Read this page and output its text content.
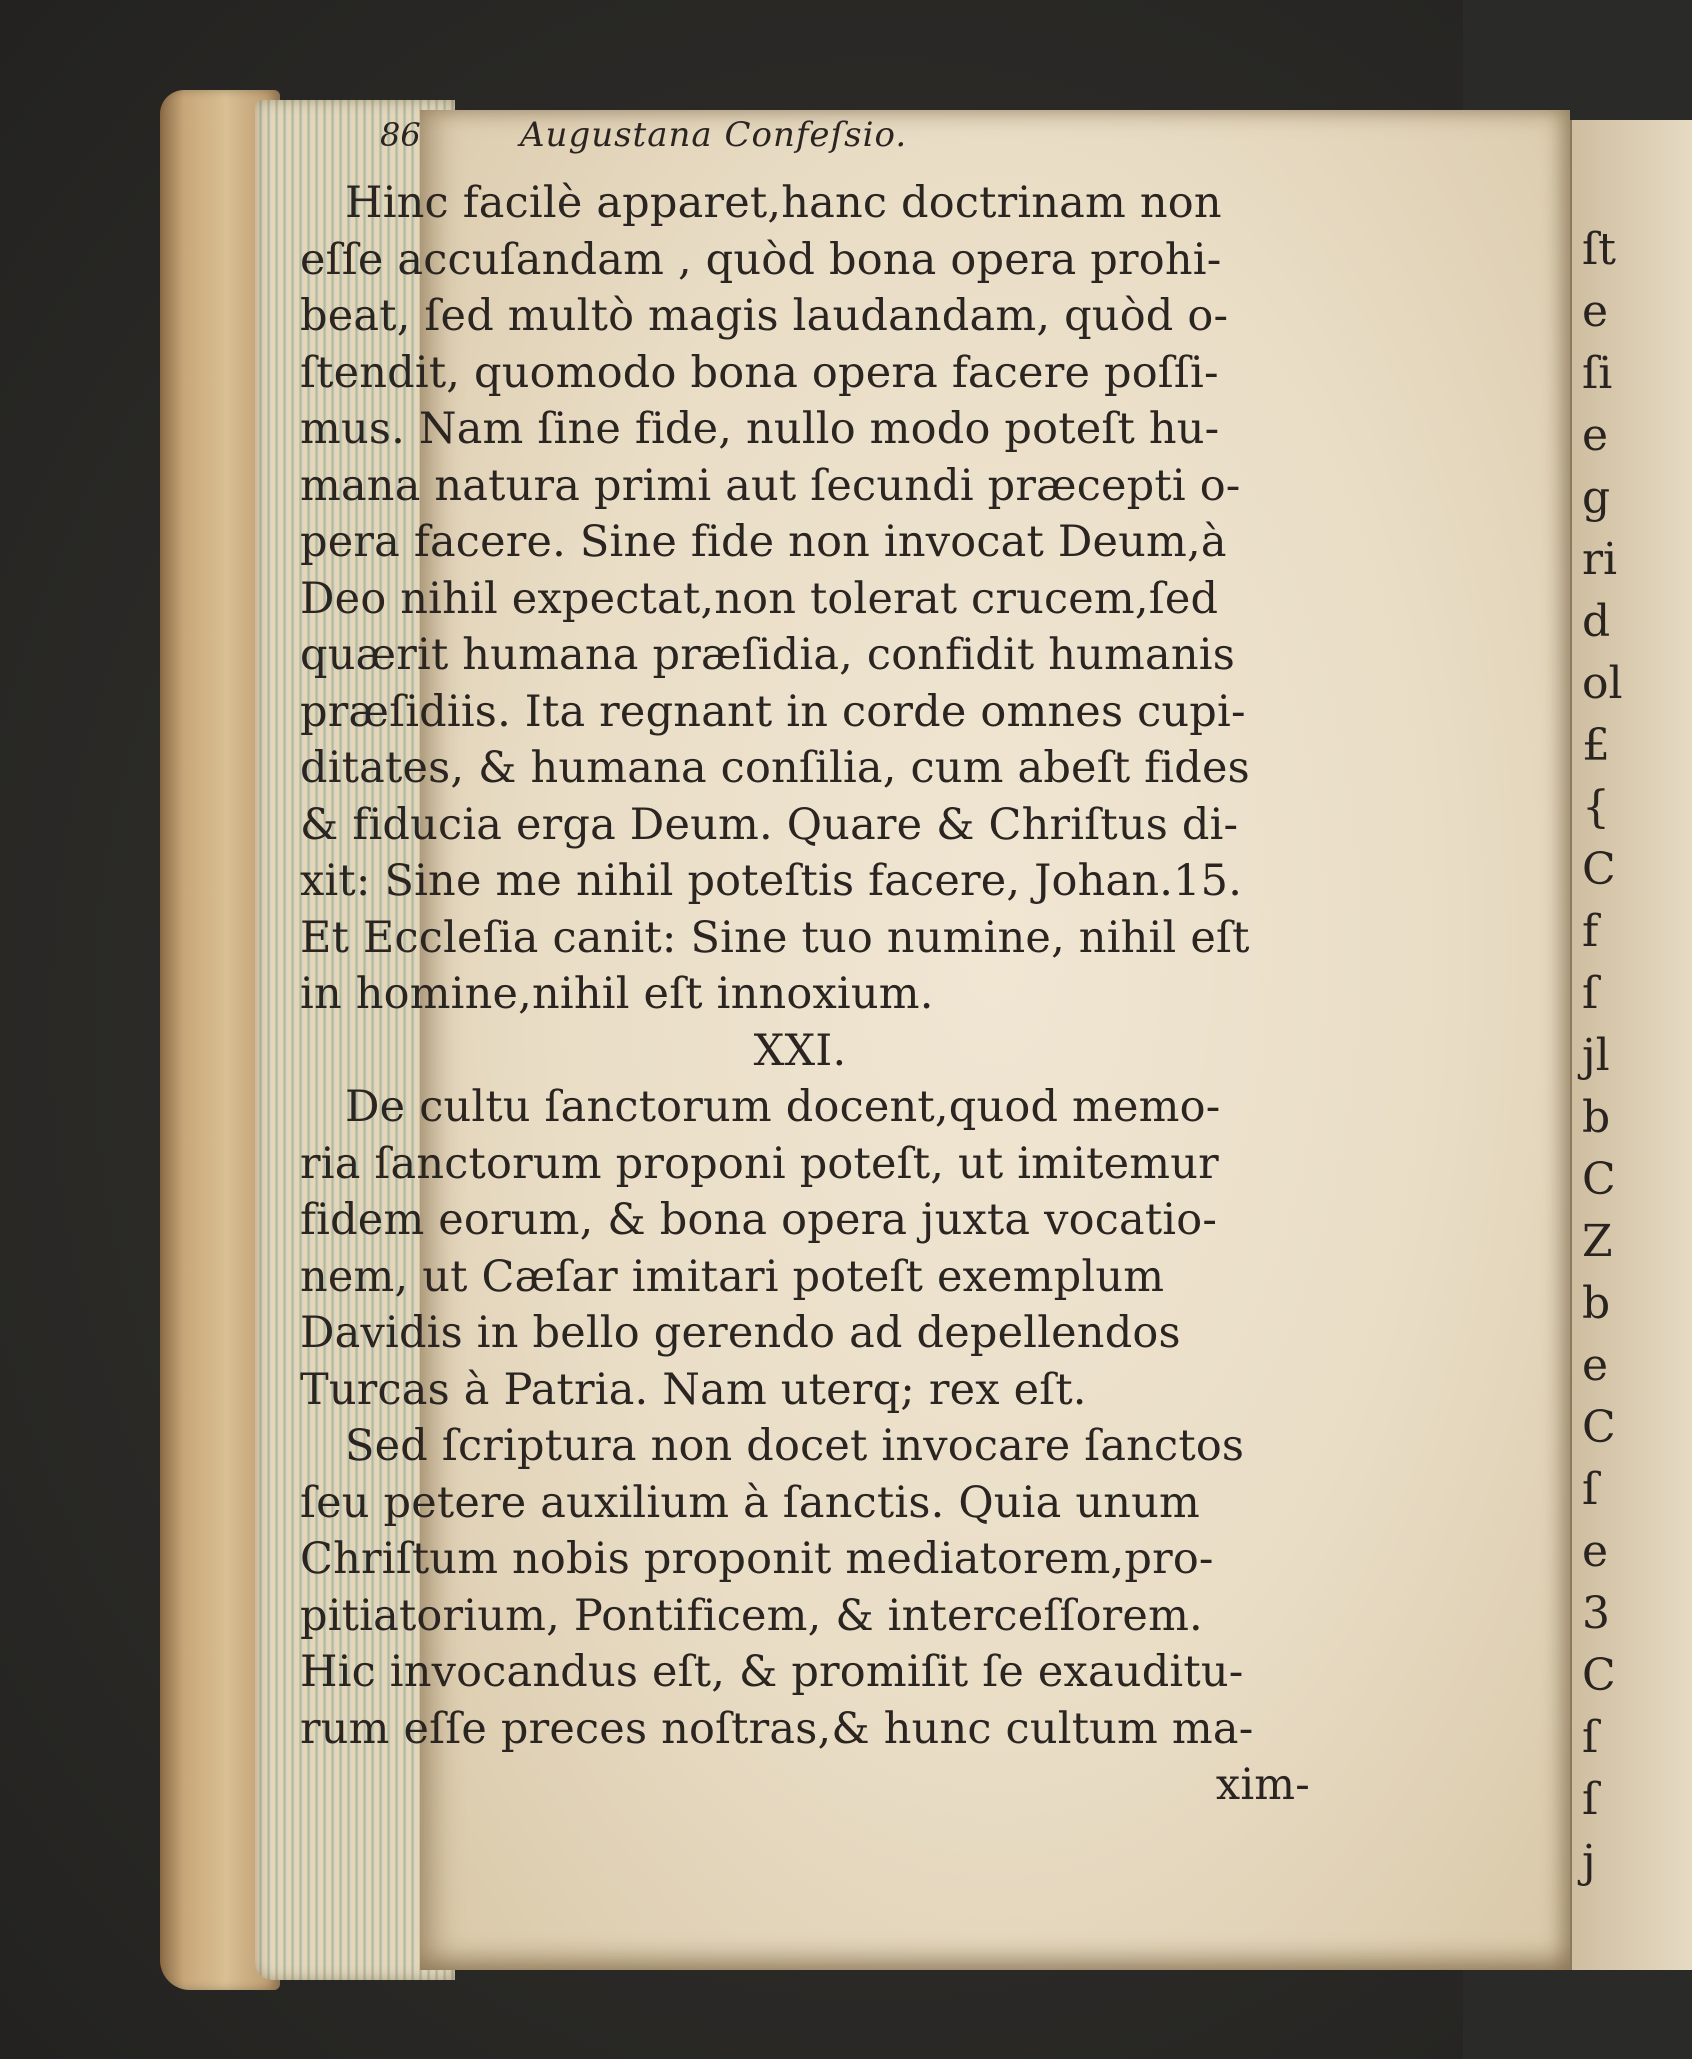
ſt
e
ſi
e
g
ri
d
ol
£
{
C
f
ſ
jl
b
C
Z
b
e
C
ſ
e
3
C
ſ
ſ
j
86	Augustana Confeſsio.
Hinc facilè apparet,hanc doctrinam non
eſſe accuſandam , quòd bona opera prohi-
beat, ſed multò magis laudandam, quòd o-
ſtendit, quomodo bona opera facere poſſi-
mus. Nam ſine fide, nullo modo poteſt hu-
mana natura primi aut ſecundi præcepti o-
pera facere. Sine fide non invocat Deum,à
Deo nihil expectat,non tolerat crucem,ſed
quærit humana præſidia, confidit humanis
præſidiis. Ita regnant in corde omnes cupi-
ditates, & humana conſilia, cum abeſt fides
& fiducia erga Deum. Quare & Chriſtus di-
xit: Sine me nihil poteſtis facere, Johan.15.
Et Eccleſia canit: Sine tuo numine, nihil eſt
in homine,nihil eſt innoxium.
XXI.
De cultu ſanctorum docent,quod memo-
ria ſanctorum proponi poteſt, ut imitemur
fidem eorum, & bona opera juxta vocatio-
nem, ut Cæſar imitari poteſt exemplum
Davidis in bello gerendo ad depellendos
Turcas à Patria. Nam uterq; rex eſt.
Sed ſcriptura non docet invocare ſanctos
ſeu petere auxilium à ſanctis. Quia unum
Chriſtum nobis proponit mediatorem,pro-
pitiatorium, Pontificem, & interceſſorem.
Hic invocandus eſt, & promiſit ſe exauditu-
rum eſſe preces noſtras,& hunc cultum ma-
xim-
